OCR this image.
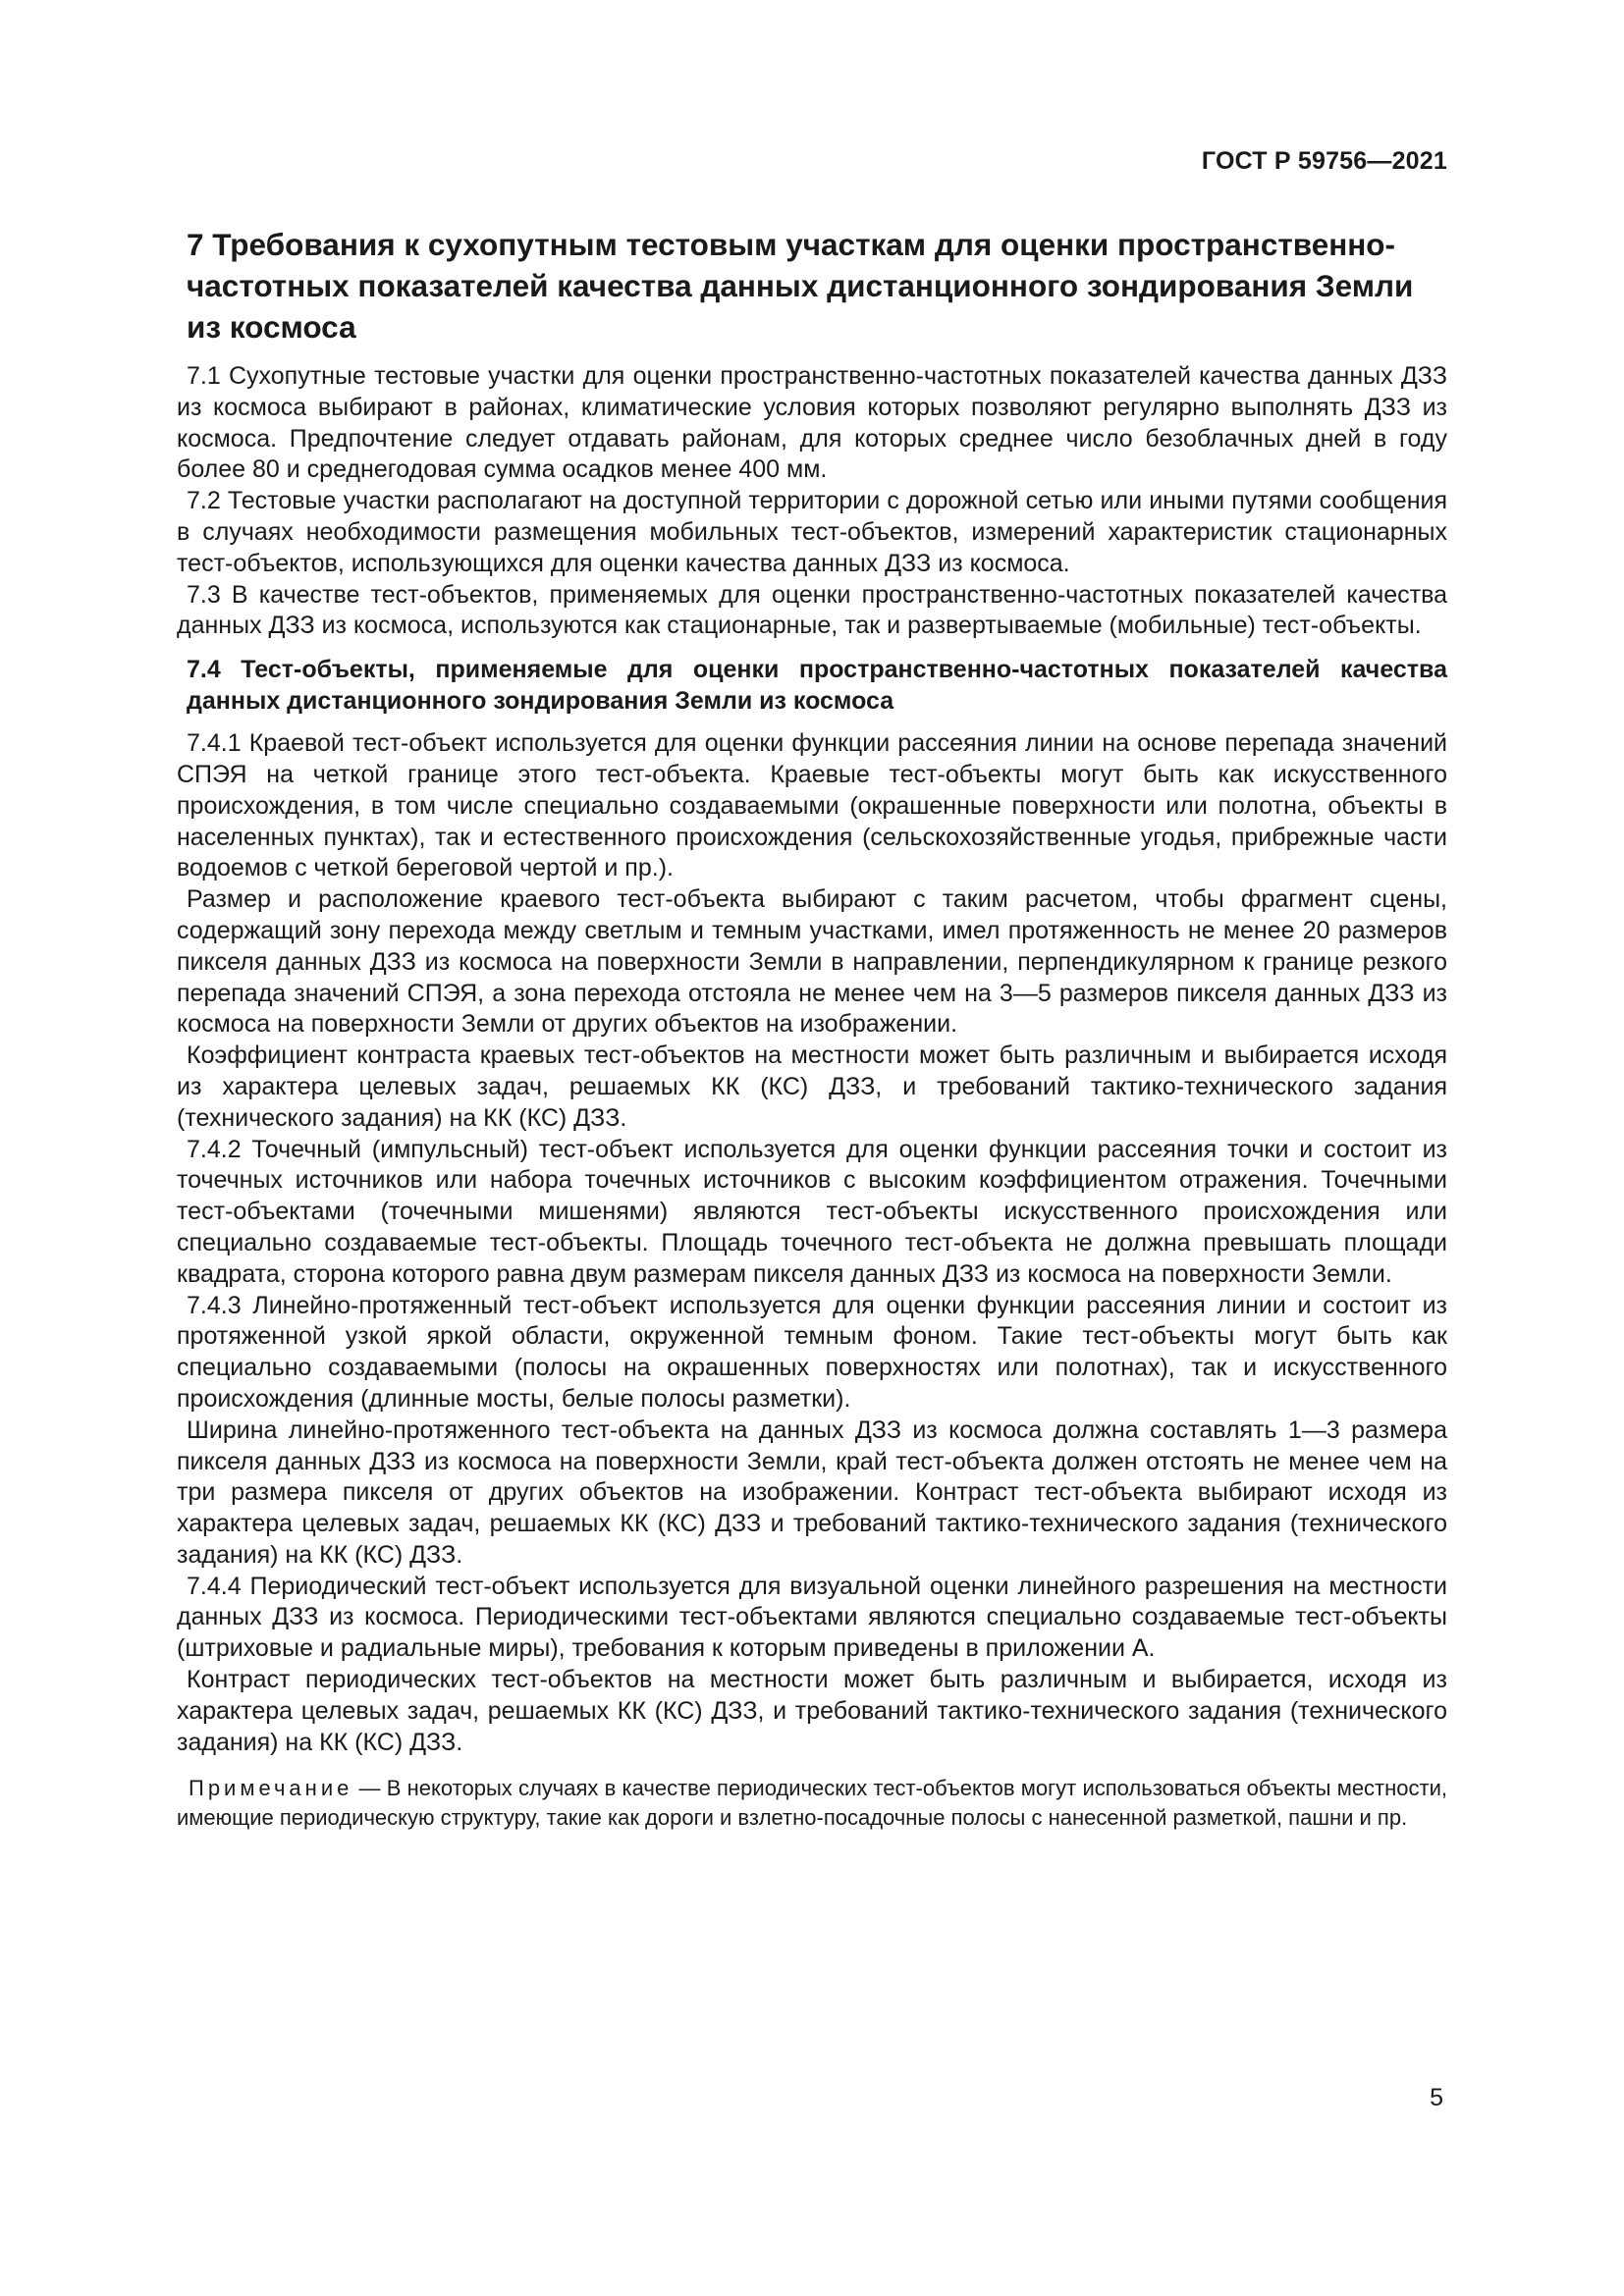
ГОСТ Р 59756—2021
7 Требования к сухопутным тестовым участкам для оценки пространственно-частотных показателей качества данных дистанционного зондирования Земли из космоса

7.1 Сухопутные тестовые участки для оценки пространственно-частотных показателей качества данных ДЗЗ из космоса выбирают в районах, климатические условия которых позволяют регулярно выполнять ДЗЗ из космоса. Предпочтение следует отдавать районам, для которых среднее число безоблачных дней в году более 80 и среднегодовая сумма осадков менее 400 мм.

7.2 Тестовые участки располагают на доступной территории с дорожной сетью или иными путями сообщения в случаях необходимости размещения мобильных тест-объектов, измерений характеристик стационарных тест-объектов, использующихся для оценки качества данных ДЗЗ из космоса.

7.3 В качестве тест-объектов, применяемых для оценки пространственно-частотных показателей качества данных ДЗЗ из космоса, используются как стационарные, так и развертываемые (мобильные) тест-объекты.

7.4 Тест-объекты, применяемые для оценки пространственно-частотных показателей качества данных дистанционного зондирования Земли из космоса

7.4.1 Краевой тест-объект используется для оценки функции рассеяния линии на основе перепада значений СПЭЯ на четкой границе этого тест-объекта. Краевые тест-объекты могут быть как искусственного происхождения, в том числе специально создаваемыми (окрашенные поверхности или полотна, объекты в населенных пунктах), так и естественного происхождения (сельскохозяйственные угодья, прибрежные части водоемов с четкой береговой чертой и пр.).

Размер и расположение краевого тест-объекта выбирают с таким расчетом, чтобы фрагмент сцены, содержащий зону перехода между светлым и темным участками, имел протяженность не менее 20 размеров пикселя данных ДЗЗ из космоса на поверхности Земли в направлении, перпендикулярном к границе резкого перепада значений СПЭЯ, а зона перехода отстояла не менее чем на 3—5 размеров пикселя данных ДЗЗ из космоса на поверхности Земли от других объектов на изображении.

Коэффициент контраста краевых тест-объектов на местности может быть различным и выбирается исходя из характера целевых задач, решаемых КК (КС) ДЗЗ, и требований тактико-технического задания (технического задания) на КК (КС) ДЗЗ.

7.4.2 Точечный (импульсный) тест-объект используется для оценки функции рассеяния точки и состоит из точечных источников или набора точечных источников с высоким коэффициентом отражения. Точечными тест-объектами (точечными мишенями) являются тест-объекты искусственного происхождения или специально создаваемые тест-объекты. Площадь точечного тест-объекта не должна превышать площади квадрата, сторона которого равна двум размерам пикселя данных ДЗЗ из космоса на поверхности Земли.

7.4.3 Линейно-протяженный тест-объект используется для оценки функции рассеяния линии и состоит из протяженной узкой яркой области, окруженной темным фоном. Такие тест-объекты могут быть как специально создаваемыми (полосы на окрашенных поверхностях или полотнах), так и искусственного происхождения (длинные мосты, белые полосы разметки).

Ширина линейно-протяженного тест-объекта на данных ДЗЗ из космоса должна составлять 1—3 размера пикселя данных ДЗЗ из космоса на поверхности Земли, край тест-объекта должен отстоять не менее чем на три размера пикселя от других объектов на изображении. Контраст тест-объекта выбирают исходя из характера целевых задач, решаемых КК (КС) ДЗЗ и требований тактико-технического задания (технического задания) на КК (КС) ДЗЗ.

7.4.4 Периодический тест-объект используется для визуальной оценки линейного разрешения на местности данных ДЗЗ из космоса. Периодическими тест-объектами являются специально создаваемые тест-объекты (штриховые и радиальные миры), требования к которым приведены в приложении А.

Контраст периодических тест-объектов на местности может быть различным и выбирается, исходя из характера целевых задач, решаемых КК (КС) ДЗЗ, и требований тактико-технического задания (технического задания) на КК (КС) ДЗЗ.

Примечание — В некоторых случаях в качестве периодических тест-объектов могут использоваться объекты местности, имеющие периодическую структуру, такие как дороги и взлетно-посадочные полосы с нанесенной разметкой, пашни и пр.

5
